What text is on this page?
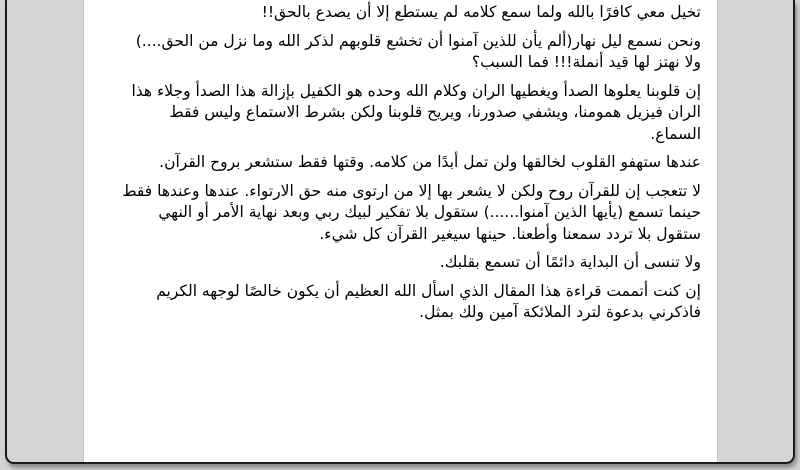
تخيل معي كافرًا بالله ولما سمع كلامه لم يستطع إلا أن يصدع بالحق!!

ونحن نسمع ليل نهار(ألم يأن للذين آمنوا أن تخشع قلوبهم لذكر الله وما نزل من الحق....) ولا نهتز لها قيد أنملة!!! فما السبب؟

إن قلوبنا يعلوها الصدأ ويغطيها الران وكلام الله وحده هو الكفيل بإزالة هذا الصدأ وجلاء هذا الران فيزيل همومنا، ويشفي صدورنا، ويريح قلوبنا ولكن بشرط الاستماع وليس فقط السماع.

عندها ستهفو القلوب لخالقها ولن تمل أبدًا من كلامه. وقتها فقط ستشعر بروح القرآن.

لا تتعجب إن للقرآن روح ولكن لا يشعر بها إلا من ارتوى منه حق الارتواء. عندها وعندها فقط حينما تسمع (يأيها الذين آمنوا......) ستقول بلا تفكير لبيك ربي وبعد نهاية الأمر أو النهي ستقول بلا تردد سمعنا وأطعنا. حينها سيغير القرآن كل شيء.

ولا تنسى أن البداية دائمًا أن تسمع بقلبك.

إن كنت أتممت قراءة هذا المقال الذي اسأل الله العظيم أن يكون خالصًا لوجهه الكريم فاذكرني بدعوة لترد الملائكة آمين ولك بمثل.
